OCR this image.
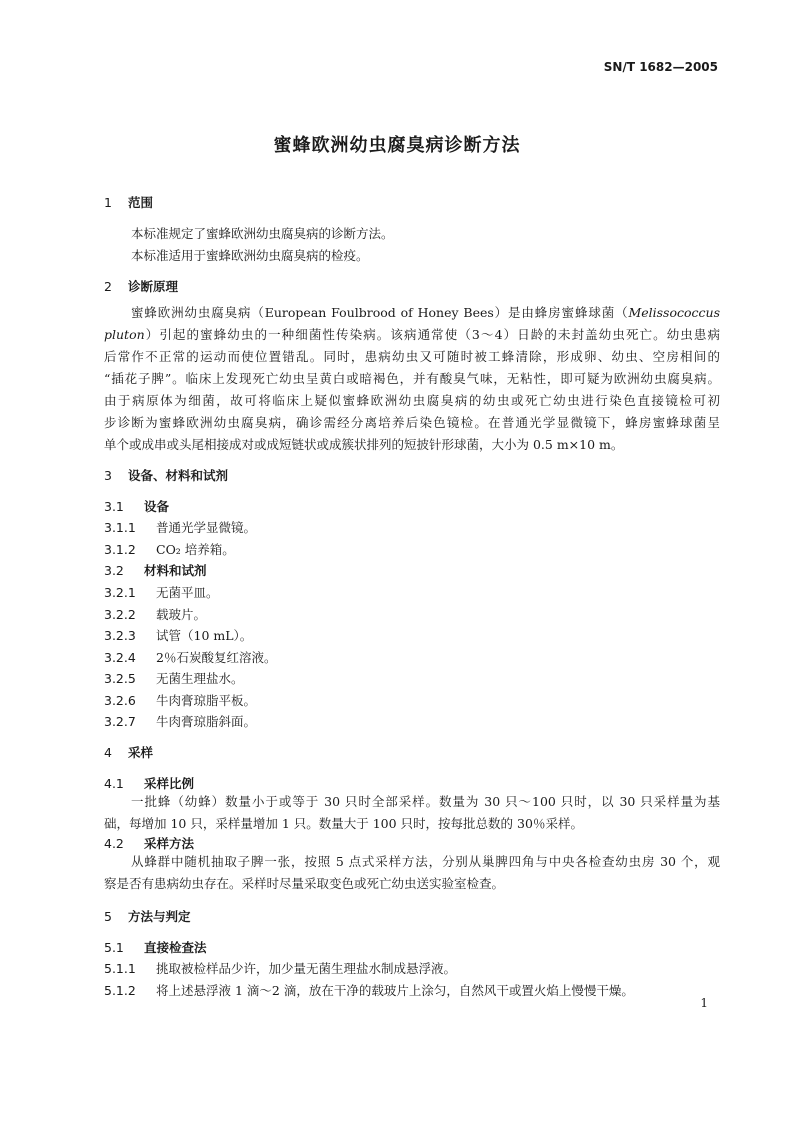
SN/T 1682—2005
蜜蜂欧洲幼虫腐臭病诊断方法
1 范围
本标准规定了蜜蜂欧洲幼虫腐臭病的诊断方法。
本标准适用于蜜蜂欧洲幼虫腐臭病的检疫。
2 诊断原理
蜜蜂欧洲幼虫腐臭病（European Foulbrood of Honey Bees）是由蜂房蜜蜂球菌（Melissococcus
pluton）引起的蜜蜂幼虫的一种细菌性传染病。该病通常使（3～4）日龄的未封盖幼虫死亡。幼虫患病
后常作不正常的运动而使位置错乱。同时，患病幼虫又可随时被工蜂清除，形成卵、幼虫、空房相间的
“插花子脾”。临床上发现死亡幼虫呈黄白或暗褐色，并有酸臭气味，无粘性，即可疑为欧洲幼虫腐臭病。
由于病原体为细菌，故可将临床上疑似蜜蜂欧洲幼虫腐臭病的幼虫或死亡幼虫进行染色直接镜检可初
步诊断为蜜蜂欧洲幼虫腐臭病，确诊需经分离培养后染色镜检。在普通光学显微镜下，蜂房蜜蜂球菌呈
单个或成串或头尾相接成对或成短链状或成簇状排列的短披针形球菌，大小为 0.5 m×10 m。
3 设备、材料和试剂
3.1 设备
3.1.1 普通光学显微镜。
3.1.2 CO₂ 培养箱。
3.2 材料和试剂
3.2.1 无菌平皿。
3.2.2 载玻片。
3.2.3 试管（10 mL）。
3.2.4 2％石炭酸复红溶液。
3.2.5 无菌生理盐水。
3.2.6 牛肉膏琼脂平板。
3.2.7 牛肉膏琼脂斜面。
4 采样
4.1 采样比例
一批蜂（幼蜂）数量小于或等于 30 只时全部采样。数量为 30 只～100 只时，以 30 只采样量为基
础，每增加 10 只，采样量增加 1 只。数量大于 100 只时，按每批总数的 30％采样。
4.2 采样方法
从蜂群中随机抽取子脾一张，按照 5 点式采样方法，分别从巢脾四角与中央各检查幼虫房 30 个，观
察是否有患病幼虫存在。采样时尽量采取变色或死亡幼虫送实验室检查。
5 方法与判定
5.1 直接检查法
5.1.1 挑取被检样品少许，加少量无菌生理盐水制成悬浮液。
5.1.2 将上述悬浮液 1 滴～2 滴，放在干净的载玻片上涂匀，自然风干或置火焰上慢慢干燥。
1
